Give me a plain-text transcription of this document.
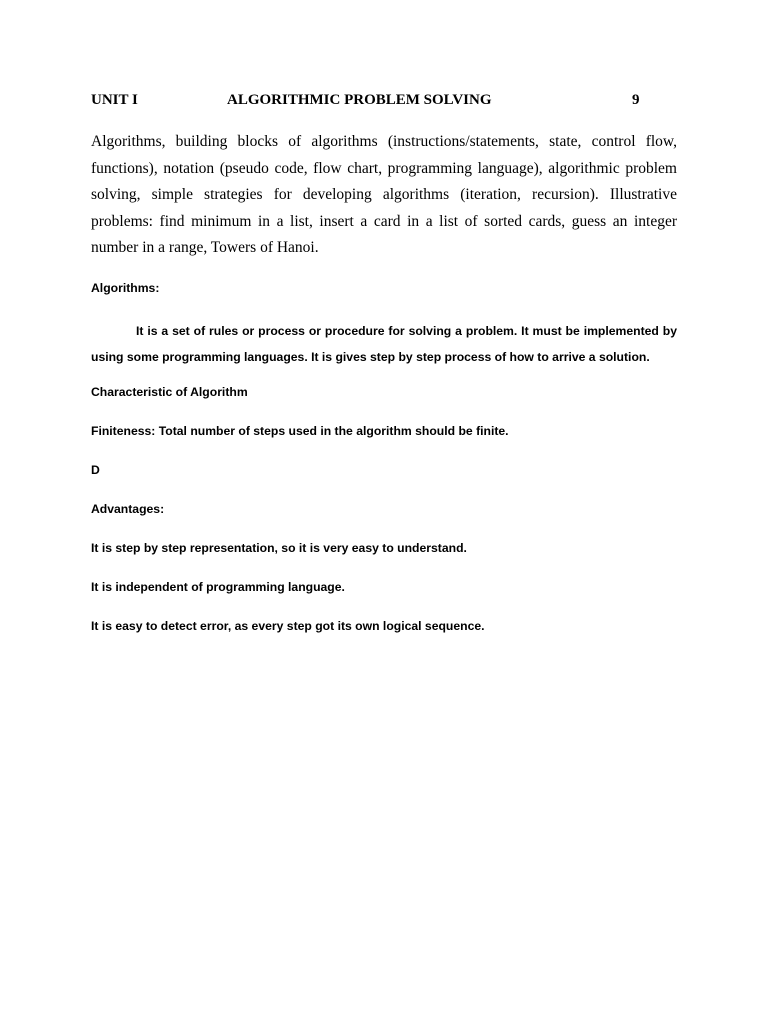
UNIT I	ALGORITHMIC PROBLEM SOLVING	9

Algorithms, building blocks of algorithms (instructions/statements, state, control flow, functions), notation (pseudo code, flow chart, programming language), algorithmic problem solving, simple strategies for developing algorithms (iteration, recursion). Illustrative problems: find minimum in a list, insert a card in a list of sorted cards, guess an integer number in a range, Towers of Hanoi.

Algorithms:

It is a set of rules or process or procedure for solving a problem. It must be implemented by using some programming languages. It is gives step by step process of how to arrive a solution.

Characteristic of Algorithm

Finiteness: Total number of steps used in the algorithm should be finite.

D

Advantages:

It is step by step representation, so it is very easy to understand.

It is independent of programming language.

It is easy to detect error, as every step got its own logical sequence.
